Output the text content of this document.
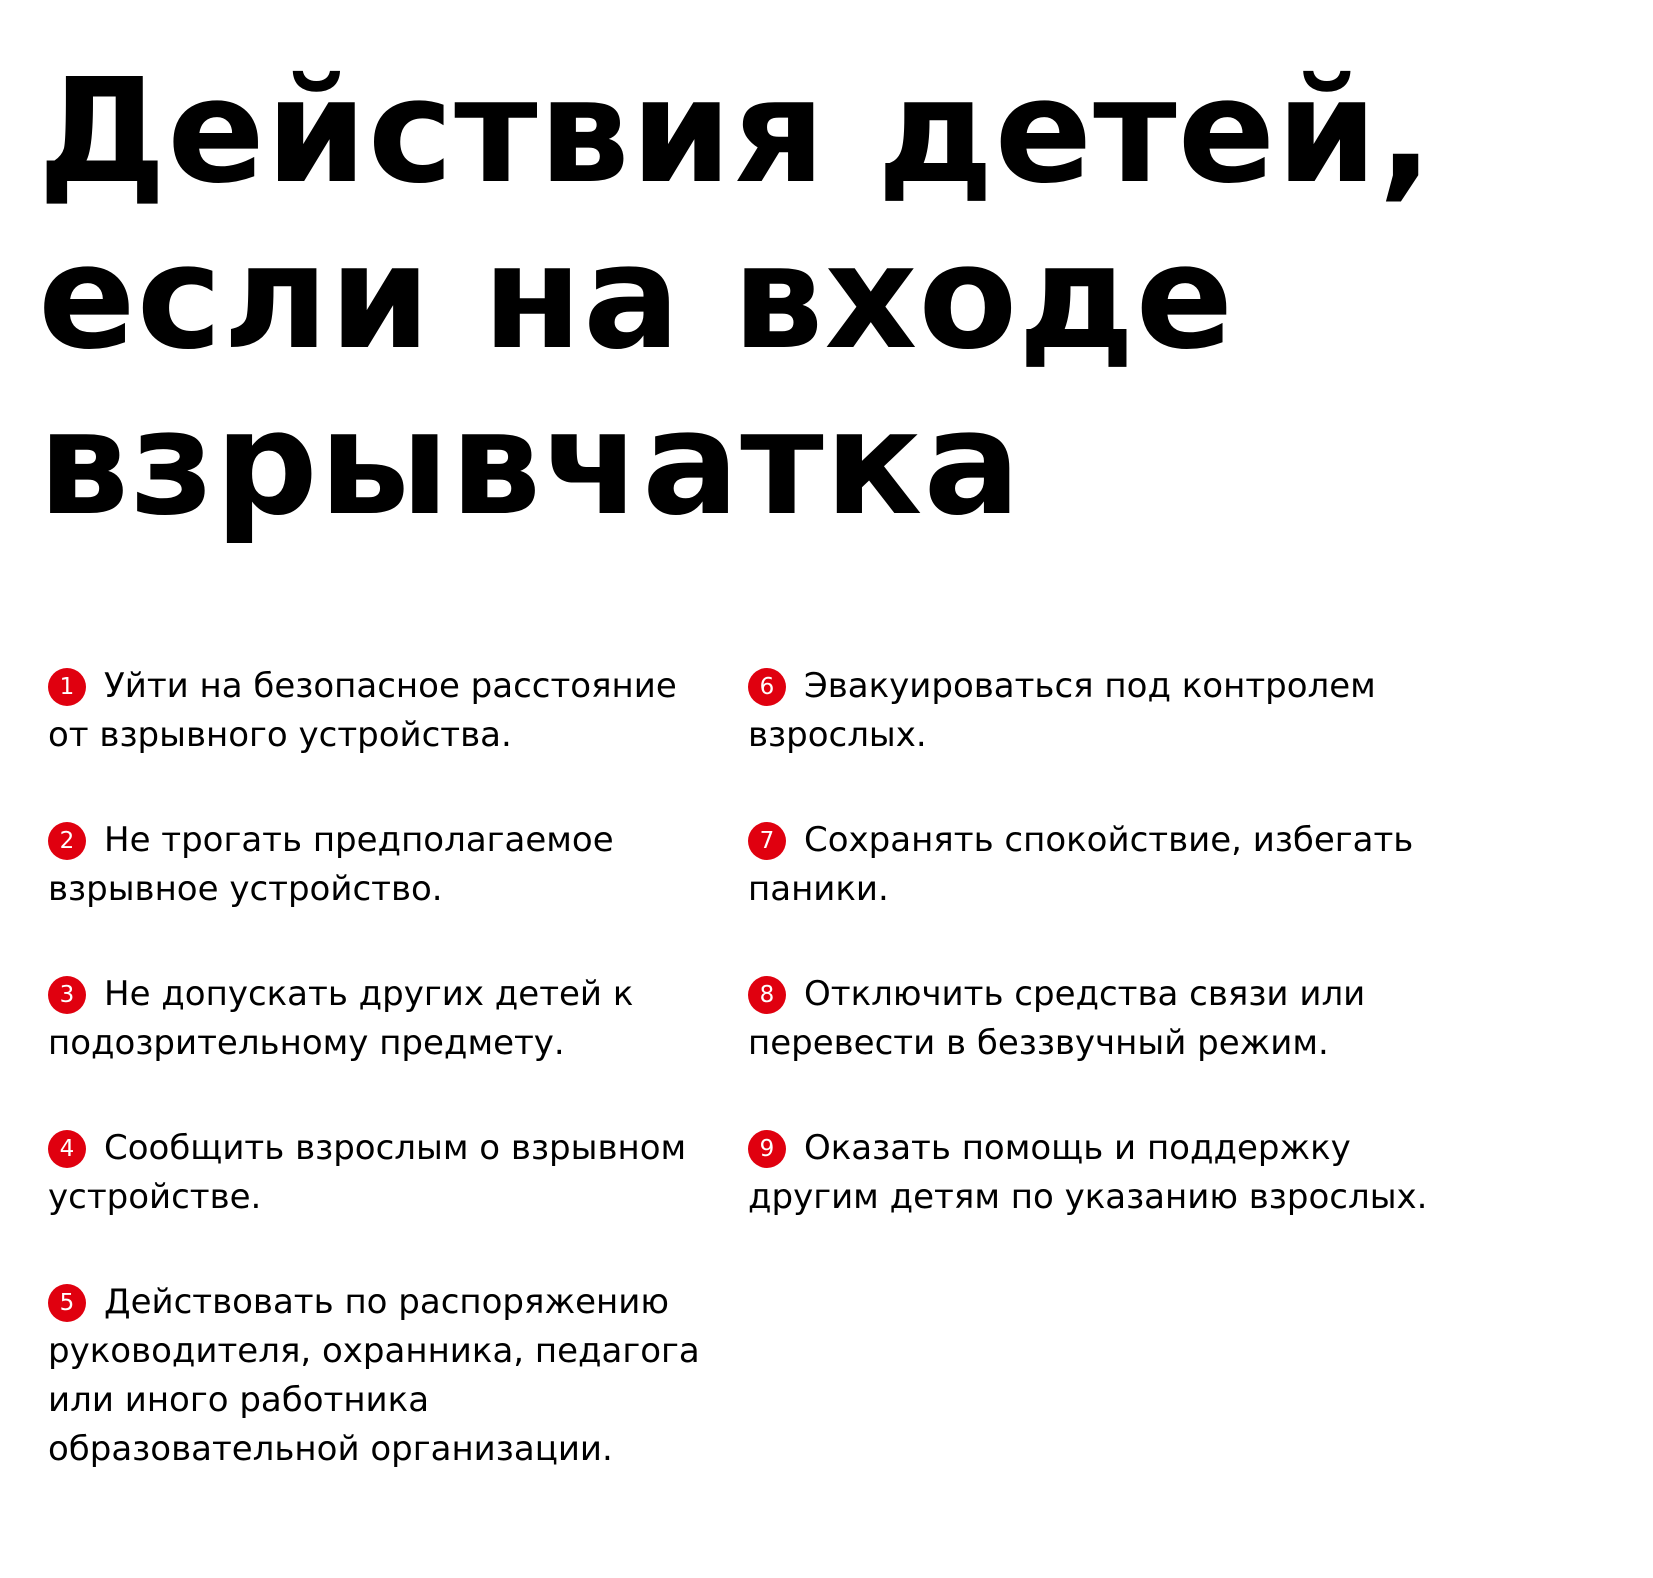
Действия детей,
если на входе
взрывчатка
1 Уйти на безопасное расстояние от взрывного устройства.
2 Не трогать предполагаемое взрывное устройство.
3 Не допускать других детей к подозрительному предмету.
4 Сообщить взрослым о взрывном устройстве.
5 Действовать по распоряжению руководителя, охранника, педагога или иного работника образовательной организации.
6 Эвакуироваться под контролем взрослых.
7 Сохранять спокойствие, избегать паники.
8 Отключить средства связи или перевести в беззвучный режим.
9 Оказать помощь и поддержку другим детям по указанию взрослых.
